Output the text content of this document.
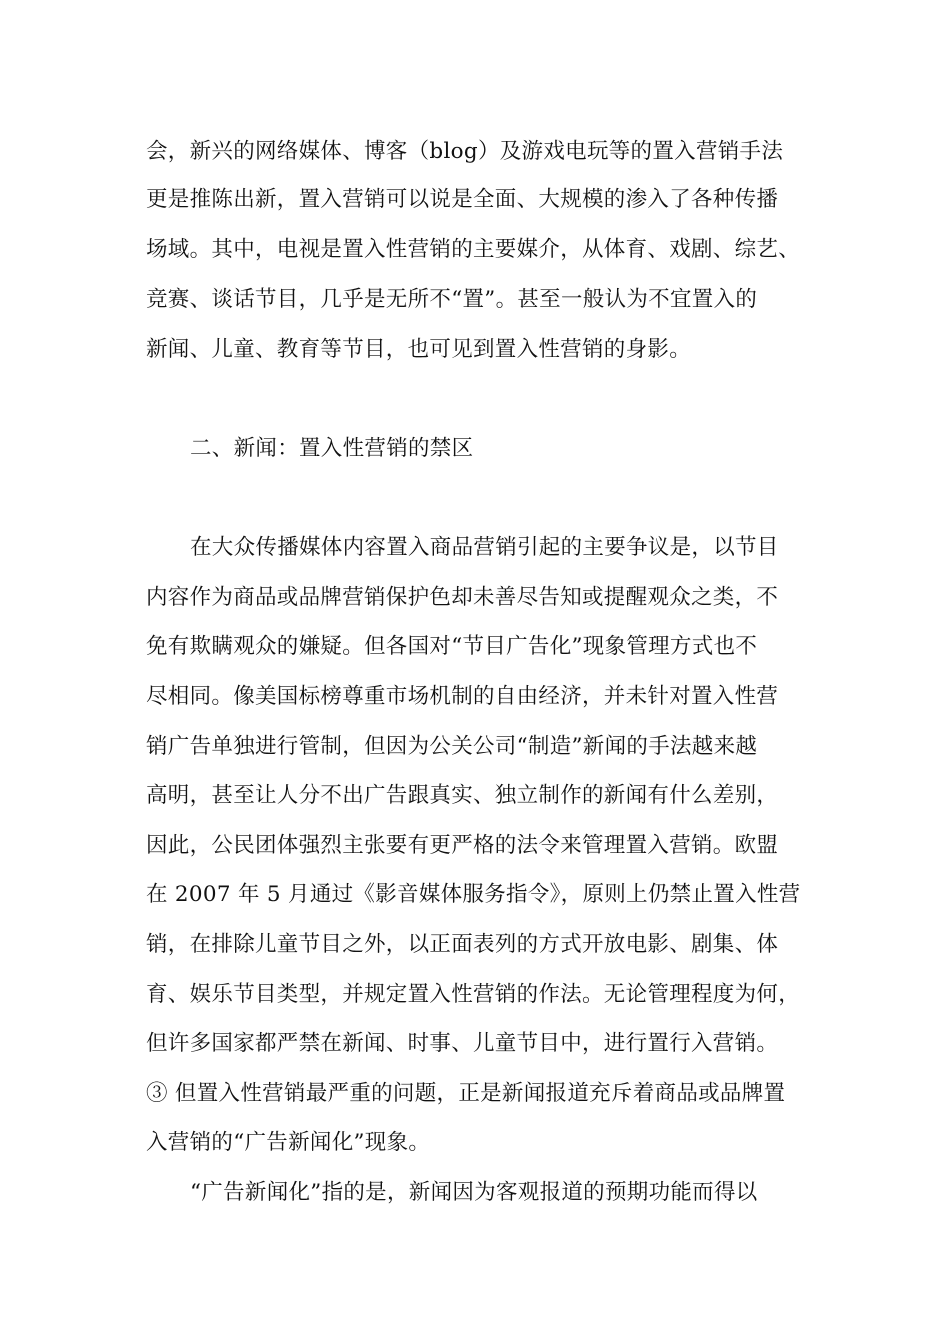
会，新兴的网络媒体、博客（blog）及游戏电玩等的置入营销手法
更是推陈出新，置入营销可以说是全面、大规模的渗入了各种传播
场域。其中，电视是置入性营销的主要媒介，从体育、戏剧、综艺、
竞赛、谈话节目，几乎是无所不“置”。甚至一般认为不宜置入的
新闻、儿童、教育等节目，也可见到置入性营销的身影。
二、新闻：置入性营销的禁区
在大众传播媒体内容置入商品营销引起的主要争议是，以节目
内容作为商品或品牌营销保护色却未善尽告知或提醒观众之类，不
免有欺瞒观众的嫌疑。但各国对“节目广告化”现象管理方式也不
尽相同。像美国标榜尊重市场机制的自由经济，并未针对置入性营
销广告单独进行管制，但因为公关公司“制造”新闻的手法越来越
高明，甚至让人分不出广告跟真实、独立制作的新闻有什么差别，
因此，公民团体强烈主张要有更严格的法令来管理置入营销。欧盟
在 2007 年 5 月通过《影音媒体服务指令》，原则上仍禁止置入性营
销，在排除儿童节目之外，以正面表列的方式开放电影、剧集、体
育、娱乐节目类型，并规定置入性营销的作法。无论管理程度为何，
但许多国家都严禁在新闻、时事、儿童节目中，进行置行入营销。
③ 但置入性营销最严重的问题，正是新闻报道充斥着商品或品牌置
入营销的“广告新闻化”现象。
“广告新闻化”指的是，新闻因为客观报道的预期功能而得以
